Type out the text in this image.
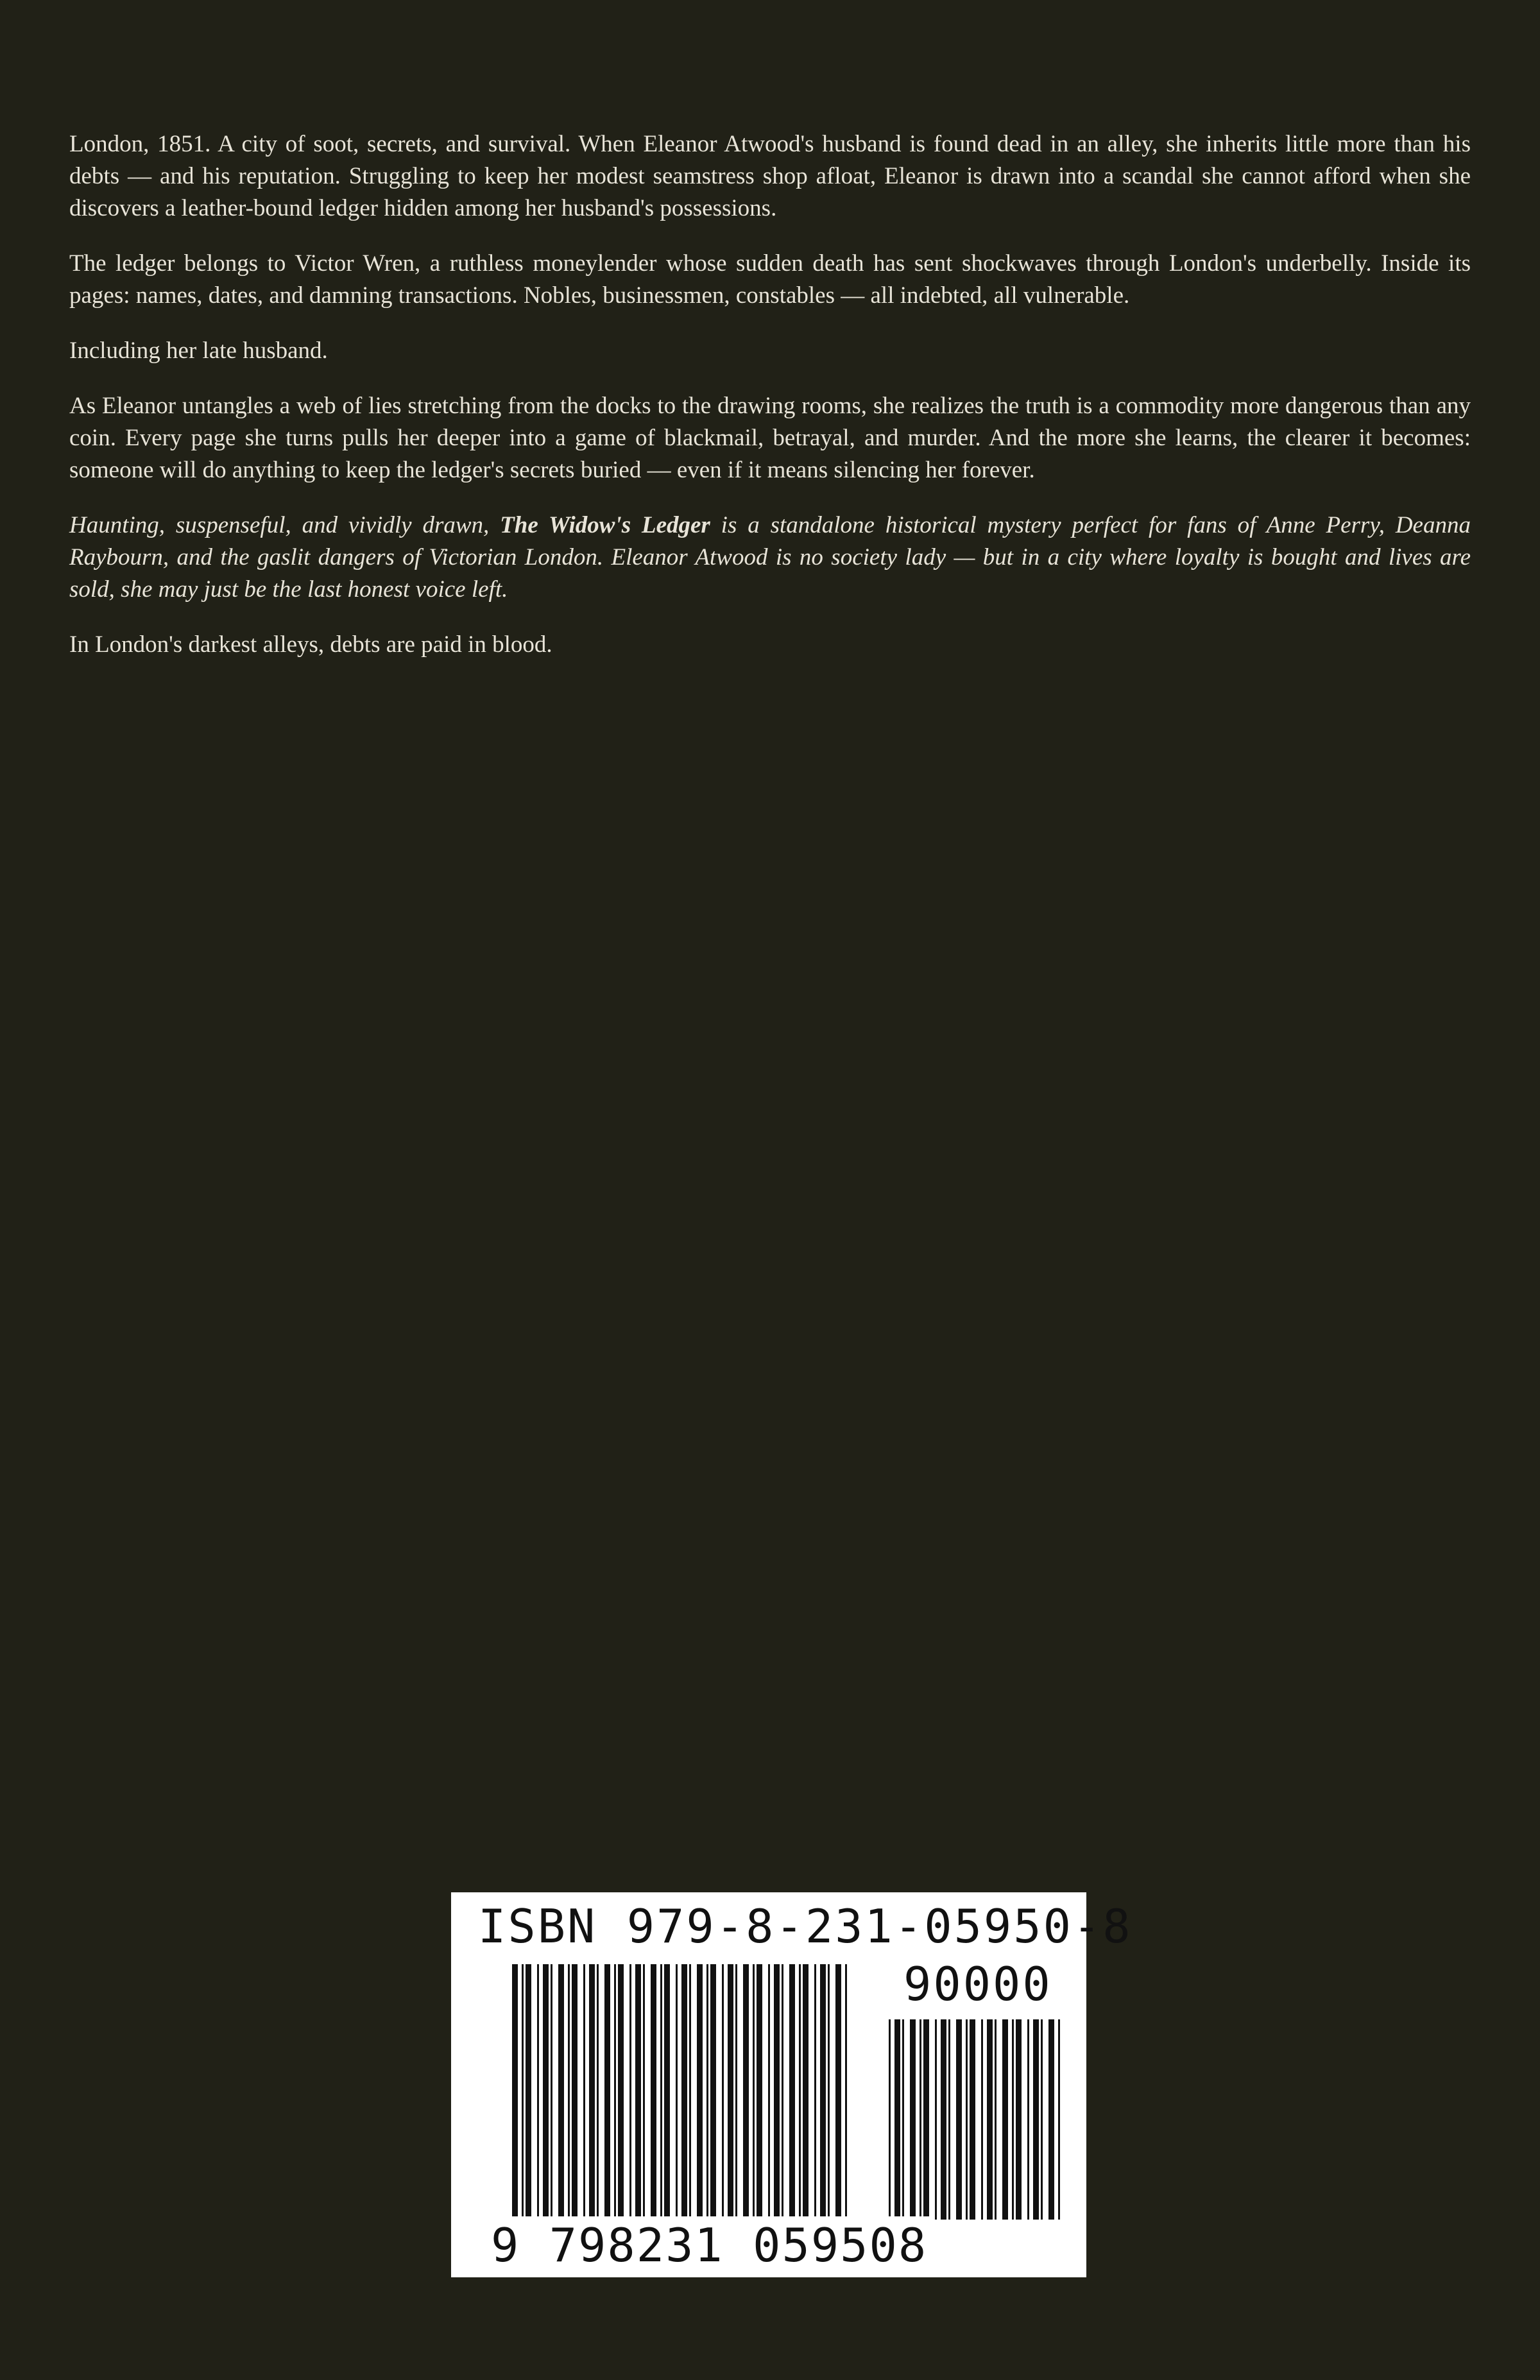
London, 1851. A city of soot, secrets, and survival. When Eleanor Atwood's husband is found dead in an alley, she inherits little more than his debts — and his reputation. Struggling to keep her modest seamstress shop afloat, Eleanor is drawn into a scandal she cannot afford when she discovers a leather-bound ledger hidden among her husband's possessions.

The ledger belongs to Victor Wren, a ruthless moneylender whose sudden death has sent shockwaves through London's underbelly. Inside its pages: names, dates, and damning transactions. Nobles, businessmen, constables — all indebted, all vulnerable.

Including her late husband.

As Eleanor untangles a web of lies stretching from the docks to the drawing rooms, she realizes the truth is a commodity more dangerous than any coin. Every page she turns pulls her deeper into a game of blackmail, betrayal, and murder. And the more she learns, the clearer it becomes: someone will do anything to keep the ledger's secrets buried — even if it means silencing her forever.

Haunting, suspenseful, and vividly drawn, The Widow's Ledger is a standalone historical mystery perfect for fans of Anne Perry, Deanna Raybourn, and the gaslit dangers of Victorian London. Eleanor Atwood is no society lady — but in a city where loyalty is bought and lives are sold, she may just be the last honest voice left.

In London's darkest alleys, debts are paid in blood.

ISBN 979-8-231-05950-8
90000
9 798231 059508
